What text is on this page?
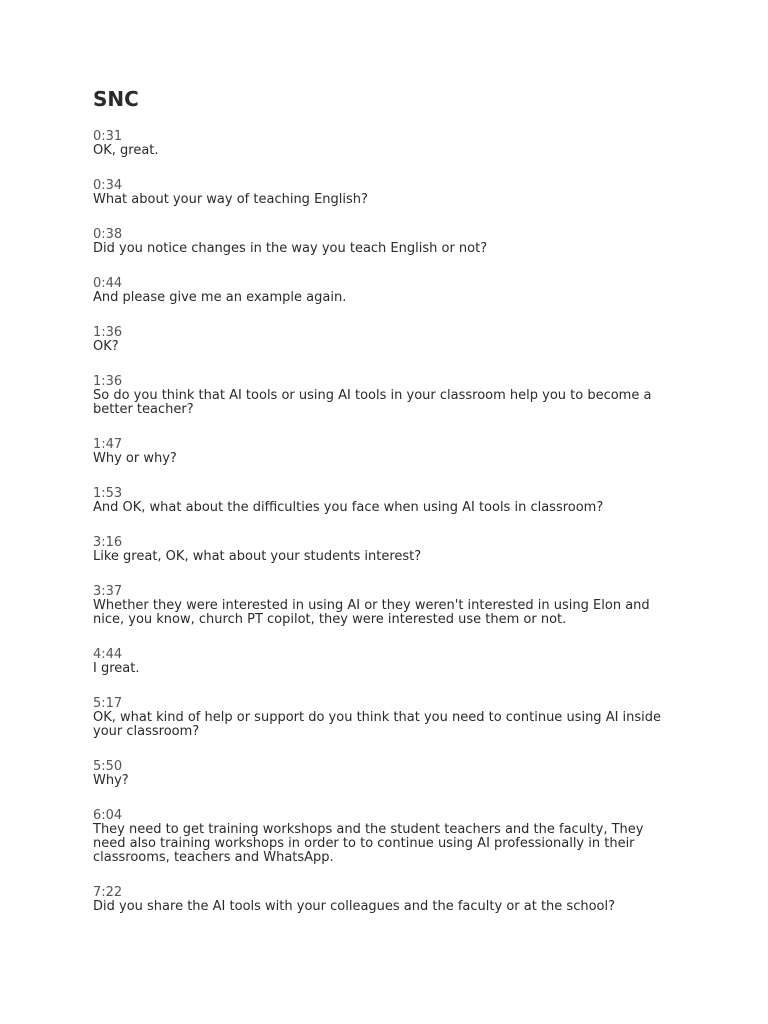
SNC
0:31
OK, great.
0:34
What about your way of teaching English?
0:38
Did you notice changes in the way you teach English or not?
0:44
And please give me an example again.
1:36
OK?
1:36
So do you think that AI tools or using AI tools in your classroom help you to become a better teacher?
1:47
Why or why?
1:53
And OK, what about the difficulties you face when using AI tools in classroom?
3:16
Like great, OK, what about your students interest?
3:37
Whether they were interested in using AI or they weren't interested in using Elon and nice, you know, church PT copilot, they were interested use them or not.
4:44
I great.
5:17
OK, what kind of help or support do you think that you need to continue using AI inside your classroom?
5:50
Why?
6:04
They need to get training workshops and the student teachers and the faculty, They need also training workshops in order to to continue using AI professionally in their classrooms, teachers and WhatsApp.
7:22
Did you share the AI tools with your colleagues and the faculty or at the school?
